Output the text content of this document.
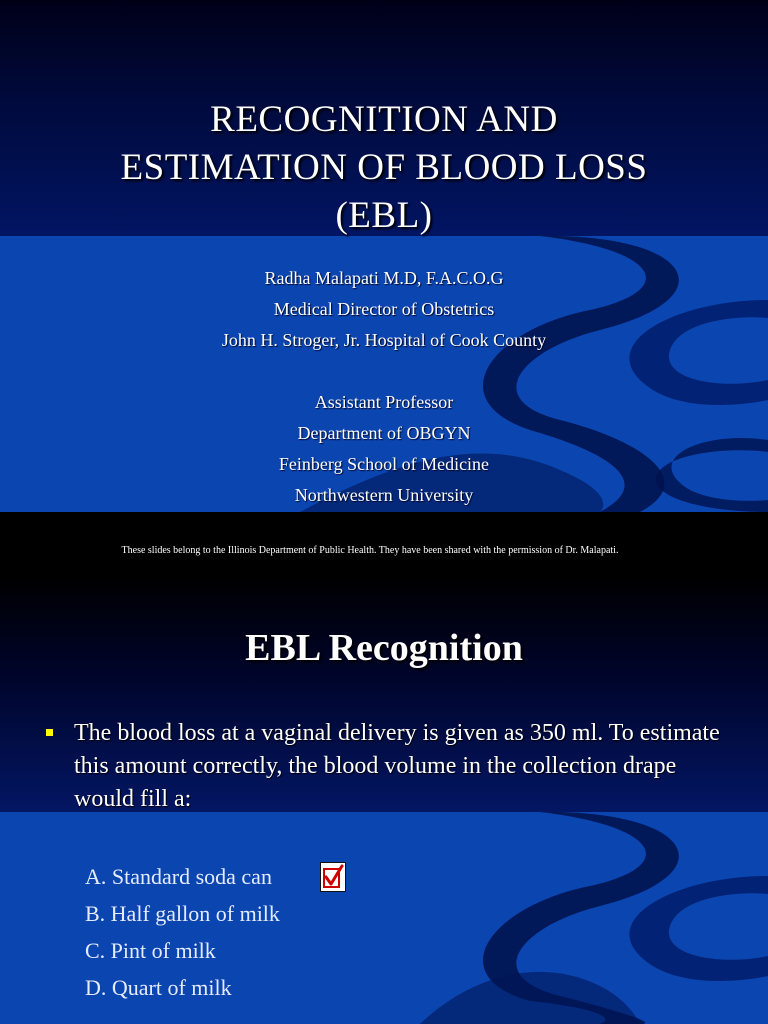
RECOGNITION AND
ESTIMATION OF BLOOD LOSS
(EBL)
Radha Malapati M.D, F.A.C.O.G
Medical Director of Obstetrics
John H. Stroger, Jr. Hospital of Cook County
Assistant Professor
Department of OBGYN
Feinberg School of Medicine
Northwestern University
These slides belong to the Illinois Department of Public Health. They have been shared with the permission of Dr. Malapati.
EBL Recognition
The blood loss at a vaginal delivery is given as 350 ml. To estimate this amount correctly, the blood volume in the collection drape would fill a:
A. Standard soda can
B. Half gallon of milk
C. Pint of milk
D. Quart of milk
